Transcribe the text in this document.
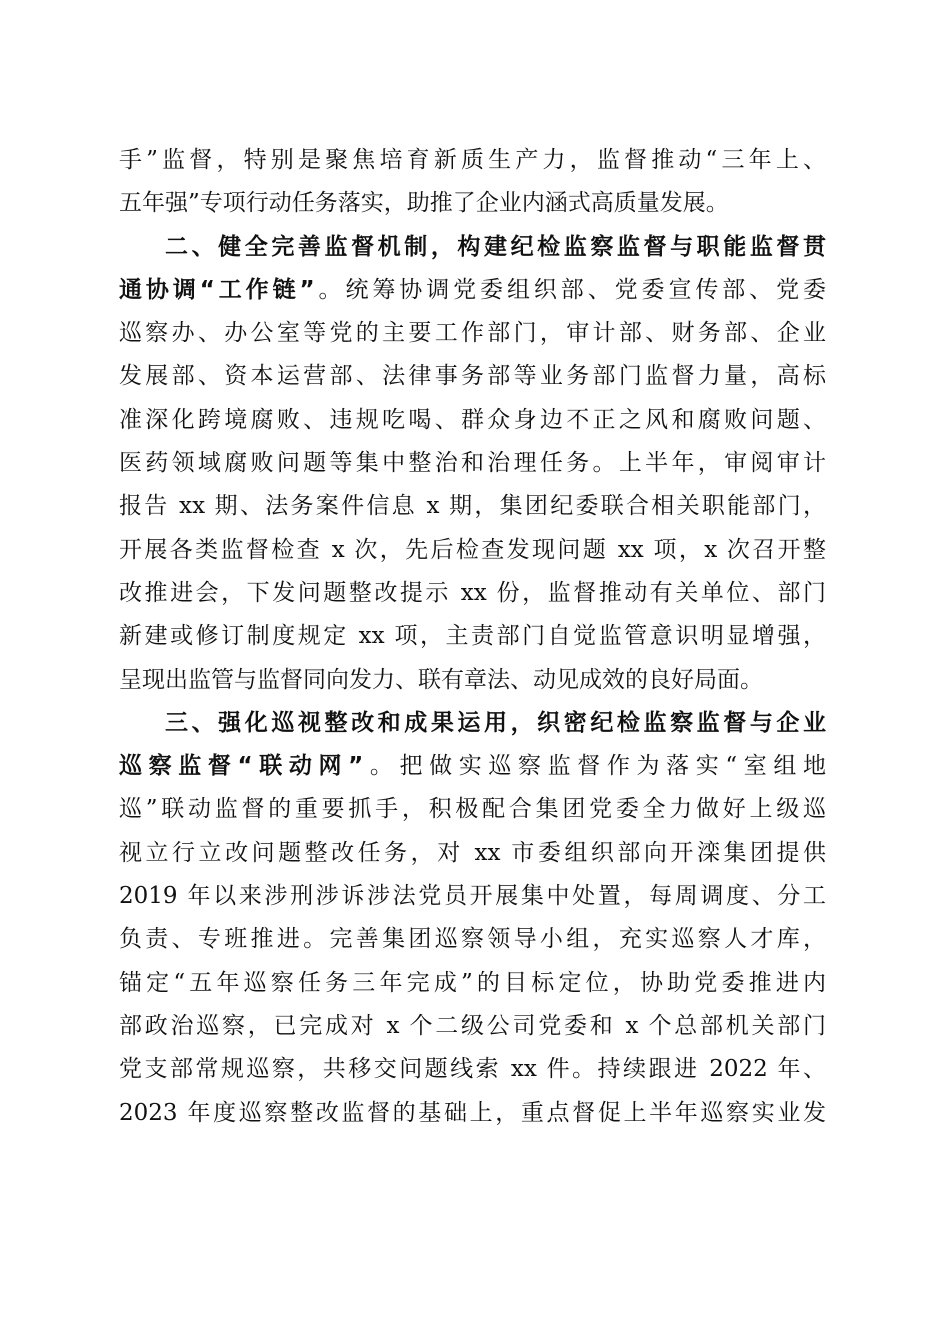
手”监督，特别是聚焦培育新质生产力，监督推动“三年上、
五年强”专项行动任务落实，助推了企业内涵式高质量发展。
二、健全完善监督机制，构建纪检监察监督与职能监督贯
通协调“工作链”。统筹协调党委组织部、党委宣传部、党委
巡察办、办公室等党的主要工作部门，审计部、财务部、企业
发展部、资本运营部、法律事务部等业务部门监督力量，高标
准深化跨境腐败、违规吃喝、群众身边不正之风和腐败问题、
医药领域腐败问题等集中整治和治理任务。上半年，审阅审计
报告 xx 期、法务案件信息 x 期，集团纪委联合相关职能部门，
开展各类监督检查 x 次，先后检查发现问题 xx 项，x 次召开整
改推进会，下发问题整改提示 xx 份，监督推动有关单位、部门
新建或修订制度规定 xx 项，主责部门自觉监管意识明显增强，
呈现出监管与监督同向发力、联有章法、动见成效的良好局面。
三、强化巡视整改和成果运用，织密纪检监察监督与企业
巡察监督“联动网”。把做实巡察监督作为落实“室组地
巡”联动监督的重要抓手，积极配合集团党委全力做好上级巡
视立行立改问题整改任务，对 xx 市委组织部向开滦集团提供
2019 年以来涉刑涉诉涉法党员开展集中处置，每周调度、分工
负责、专班推进。完善集团巡察领导小组，充实巡察人才库，
锚定“五年巡察任务三年完成”的目标定位，协助党委推进内
部政治巡察，已完成对 x 个二级公司党委和 x 个总部机关部门
党支部常规巡察，共移交问题线索 xx 件。持续跟进 2022 年、
2023 年度巡察整改监督的基础上，重点督促上半年巡察实业发
